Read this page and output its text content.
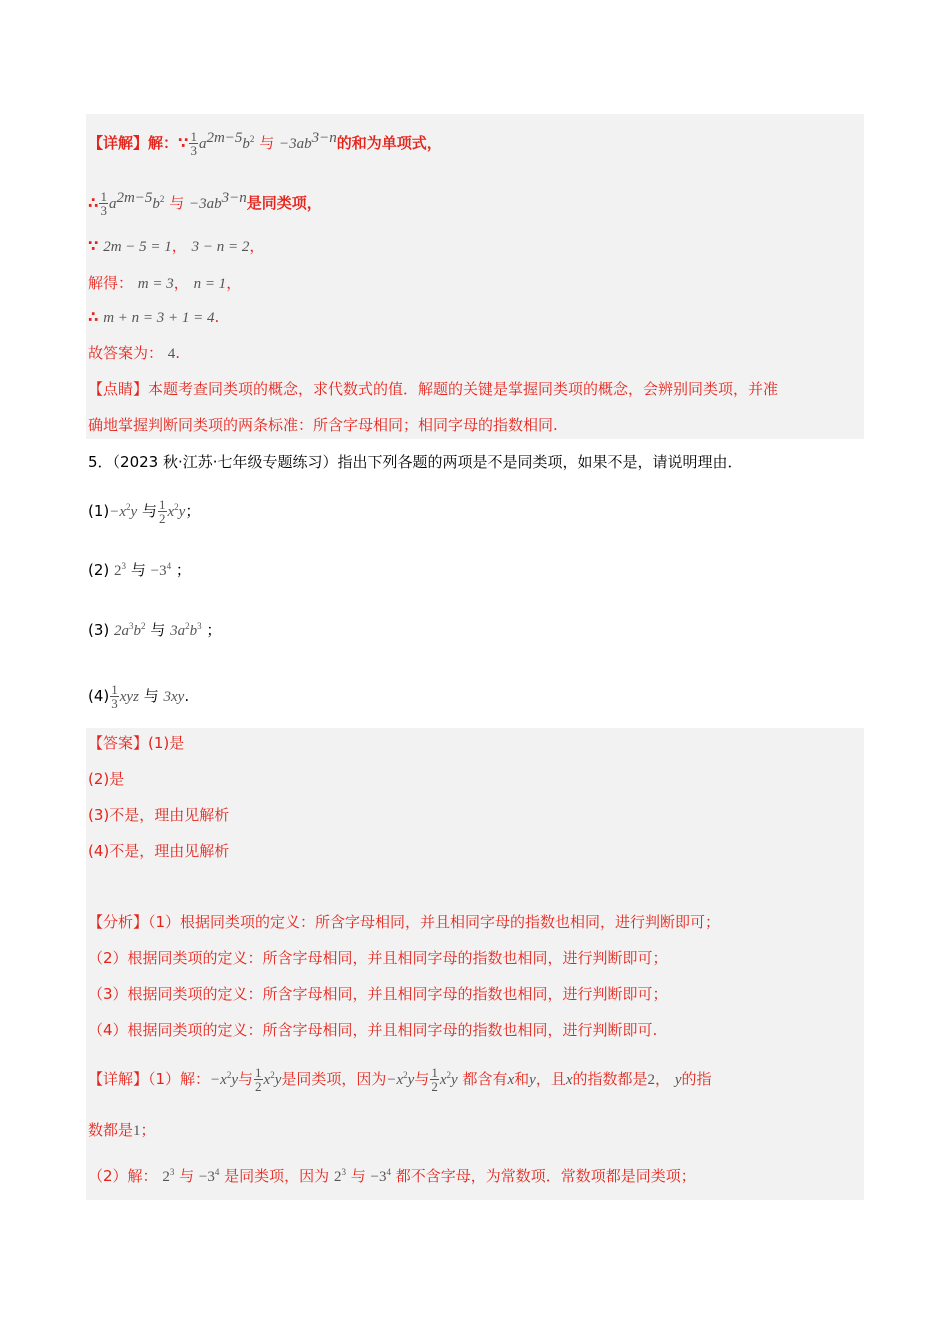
【详解】解：∵ $\frac{1}{3} a^{2m-5}b^2$ 与 $-3ab^{3-n}$的和为单项式，
∴ $\frac{1}{3} a^{2m-5}b^2$ 与 $-3ab^{3-n}$是同类项，
∵ 2m − 5 = 1， 3 − n = 2，
解得： m = 3， n = 1，
∴ m + n = 3 + 1 = 4.
故答案为： 4.
【点睛】本题考查同类项的概念，求代数式的值．解题的关键是掌握同类项的概念，会辨别同类项，并准
确地掌握判断同类项的两条标准：所含字母相同；相同字母的指数相同.
5．（2023 秋·江苏·七年级专题练习）指出下列各题的两项是不是同类项，如果不是，请说明理由．
$(1)-x^2y$ 与 $\frac{1}{2} x^2y$；
(2) $2^3$ 与 $-3^4$ ；
(3) $2a^3b^2$ 与 $3a^2b^3$ ；
$(4) \frac{1}{3}$ xyz 与 3xy.
【答案】(1)是
(2)是
(3)不是，理由见解析
(4)不是，理由见解析
【分析】（1）根据同类项的定义：所含字母相同，并且相同字母的指数也相同，进行判断即可；
（2）根据同类项的定义：所含字母相同，并且相同字母的指数也相同，进行判断即可；
（3）根据同类项的定义：所含字母相同，并且相同字母的指数也相同，进行判断即可；
（4）根据同类项的定义：所含字母相同，并且相同字母的指数也相同，进行判断即可.
【详解】（1）解：$-x^2y$与 $\frac{1}{2} x^2y$是同类项，因为$-x^2y$与 $\frac{1}{2} x^2y$ 都含有x和y，且x的指数都是2， y的指
数都是1；
（2）解： $2^3$ 与 $-3^4$ 是同类项，因为 $2^3$ 与 $-3^4$ 都不含字母，为常数项．常数项都是同类项；
